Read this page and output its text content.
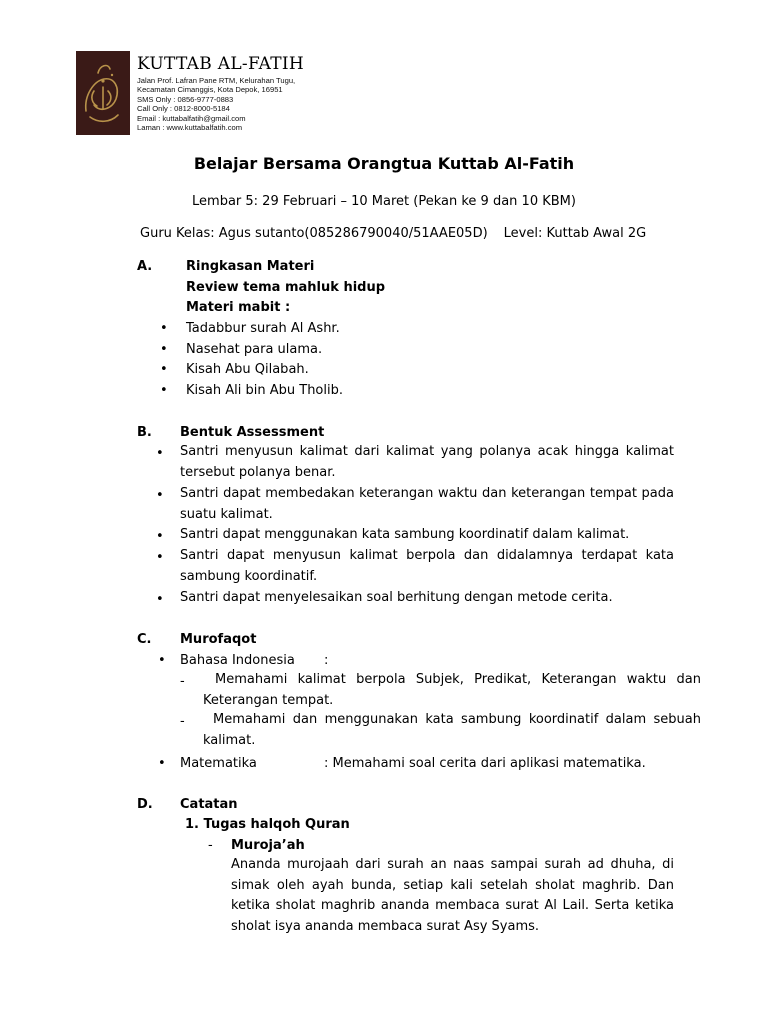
KUTTAB AL-FATIH
Jalan Prof. Lafran Pane RTM, Kelurahan Tugu,
Kecamatan Cimanggis, Kota Depok, 16951
SMS Only : 0856-9777-0883
Call Only : 0812-8000-5184
Email : kuttabalfatih@gmail.com
Laman : www.kuttabalfatih.com
Belajar Bersama Orangtua Kuttab Al-Fatih
Lembar 5: 29 Februari – 10 Maret (Pekan ke 9 dan 10 KBM)
Guru Kelas: Agus sutanto(085286790040/51AAE05D) Level: Kuttab Awal 2G
A.	Ringkasan Materi
Review tema mahluk hidup
Materi mabit :
• Tadabbur surah Al Ashr.
• Nasehat para ulama.
• Kisah Abu Qilabah.
• Kisah Ali bin Abu Tholib.
B. Bentuk Assessment
• Santri menyusun kalimat dari kalimat yang polanya acak hingga kalimat tersebut polanya benar.
• Santri dapat membedakan keterangan waktu dan keterangan tempat pada suatu kalimat.
• Santri dapat menggunakan kata sambung koordinatif dalam kalimat.
• Santri dapat menyusun kalimat berpola dan didalamnya terdapat kata sambung koordinatif.
• Santri dapat menyelesaikan soal berhitung dengan metode cerita.
C. Murofaqot
• Bahasa Indonesia :
-	Memahami kalimat berpola Subjek, Predikat, Keterangan waktu dan Keterangan tempat.
-	Memahami dan menggunakan kata sambung koordinatif dalam sebuah kalimat.
• Matematika	: Memahami soal cerita dari aplikasi matematika.
D. Catatan
1. Tugas halqoh Quran
- Muroja’ah
Ananda murojaah dari surah an naas sampai surah ad dhuha, di simak oleh ayah bunda, setiap kali setelah sholat maghrib. Dan ketika sholat maghrib ananda membaca surat Al Lail. Serta ketika sholat isya ananda membaca surat Asy Syams.
